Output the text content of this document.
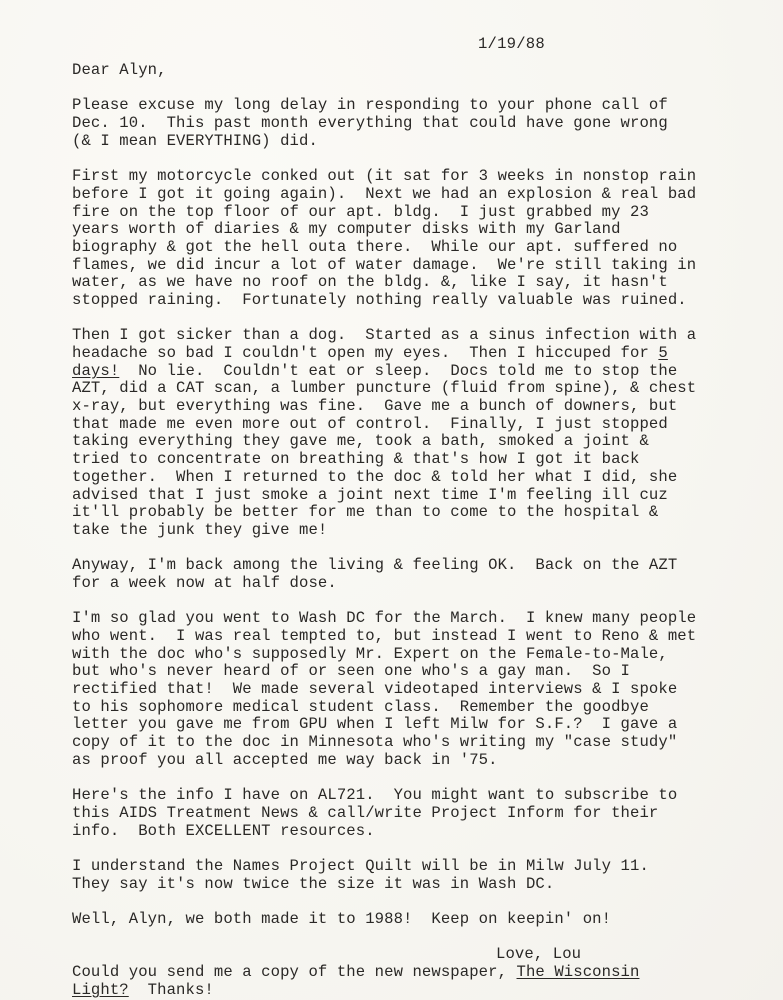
1/19/88
Dear Alyn,
Please excuse my long delay in responding to your phone call of
Dec. 10.  This past month everything that could have gone wrong
(& I mean EVERYTHING) did.
First my motorcycle conked out (it sat for 3 weeks in nonstop rain
before I got it going again).  Next we had an explosion & real bad
fire on the top floor of our apt. bldg.  I just grabbed my 23
years worth of diaries & my computer disks with my Garland
biography & got the hell outa there.  While our apt. suffered no
flames, we did incur a lot of water damage.  We're still taking in
water, as we have no roof on the bldg. &, like I say, it hasn't
stopped raining.  Fortunately nothing really valuable was ruined.
Then I got sicker than a dog.  Started as a sinus infection with a
headache so bad I couldn't open my eyes.  Then I hiccuped for 5
days!  No lie.  Couldn't eat or sleep.  Docs told me to stop the
AZT, did a CAT scan, a lumber puncture (fluid from spine), & chest
x-ray, but everything was fine.  Gave me a bunch of downers, but
that made me even more out of control.  Finally, I just stopped
taking everything they gave me, took a bath, smoked a joint &
tried to concentrate on breathing & that's how I got it back
together.  When I returned to the doc & told her what I did, she
advised that I just smoke a joint next time I'm feeling ill cuz
it'll probably be better for me than to come to the hospital &
take the junk they give me!
Anyway, I'm back among the living & feeling OK.  Back on the AZT
for a week now at half dose.
I'm so glad you went to Wash DC for the March.  I knew many people
who went.  I was real tempted to, but instead I went to Reno & met
with the doc who's supposedly Mr. Expert on the Female-to-Male,
but who's never heard of or seen one who's a gay man.  So I
rectified that!  We made several videotaped interviews & I spoke
to his sophomore medical student class.  Remember the goodbye
letter you gave me from GPU when I left Milw for S.F.?  I gave a
copy of it to the doc in Minnesota who's writing my "case study"
as proof you all accepted me way back in '75.
Here's the info I have on AL721.  You might want to subscribe to
this AIDS Treatment News & call/write Project Inform for their
info.  Both EXCELLENT resources.
I understand the Names Project Quilt will be in Milw July 11.
They say it's now twice the size it was in Wash DC.
Well, Alyn, we both made it to 1988!  Keep on keepin' on!
Love, Lou
Could you send me a copy of the new newspaper, The Wisconsin
Light?  Thanks!
